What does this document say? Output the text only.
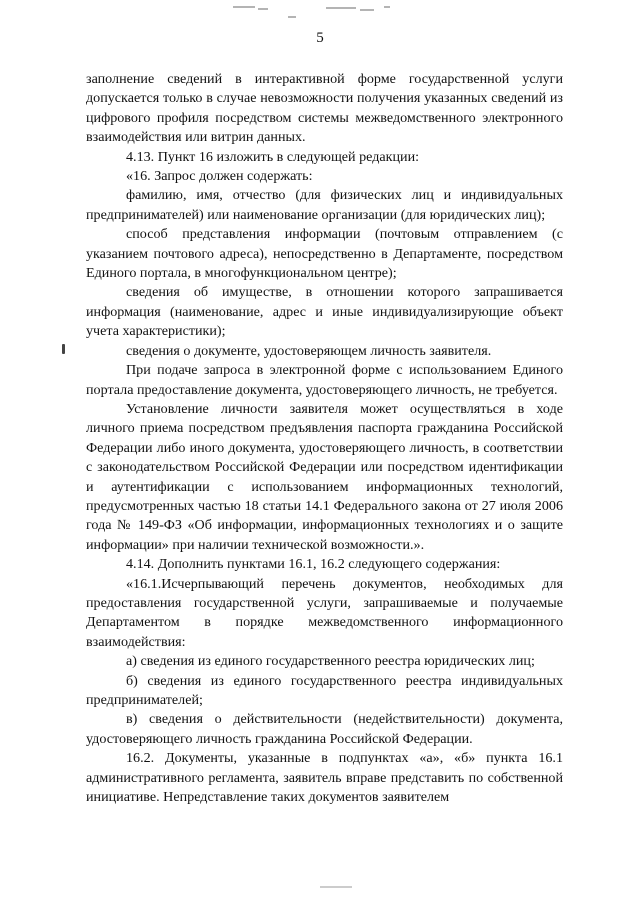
5

заполнение сведений в интерактивной форме государственной услуги допускается только в случае невозможности получения указанных сведений из цифрового профиля посредством системы межведомственного электронного взаимодействия или витрин данных.

4.13. Пункт 16 изложить в следующей редакции:

«16. Запрос должен содержать:

фамилию, имя, отчество (для физических лиц и индивидуальных предпринимателей) или наименование организации (для юридических лиц);

способ представления информации (почтовым отправлением (с указанием почтового адреса), непосредственно в Департаменте, посредством Единого портала, в многофункциональном центре);

сведения об имуществе, в отношении которого запрашивается информация (наименование, адрес и иные индивидуализирующие объект учета характеристики);

сведения о документе, удостоверяющем личность заявителя.

При подаче запроса в электронной форме с использованием Единого портала предоставление документа, удостоверяющего личность, не требуется.

Установление личности заявителя может осуществляться в ходе личного приема посредством предъявления паспорта гражданина Российской Федерации либо иного документа, удостоверяющего личность, в соответствии с законодательством Российской Федерации или посредством идентификации и аутентификации с использованием информационных технологий, предусмотренных частью 18 статьи 14.1 Федерального закона от 27 июля 2006 года № 149-ФЗ «Об информации, информационных технологиях и о защите информации» при наличии технической возможности.».

4.14. Дополнить пунктами 16.1, 16.2 следующего содержания:

«16.1.Исчерпывающий перечень документов, необходимых для предоставления государственной услуги, запрашиваемые и получаемые Департаментом в порядке межведомственного информационного взаимодействия:

а) сведения из единого государственного реестра юридических лиц;

б) сведения из единого государственного реестра индивидуальных предпринимателей;

в) сведения о действительности (недействительности) документа, удостоверяющего личность гражданина Российской Федерации.

16.2. Документы, указанные в подпунктах «а», «б» пункта 16.1 административного регламента, заявитель вправе представить по собственной инициативе. Непредставление таких документов заявителем
